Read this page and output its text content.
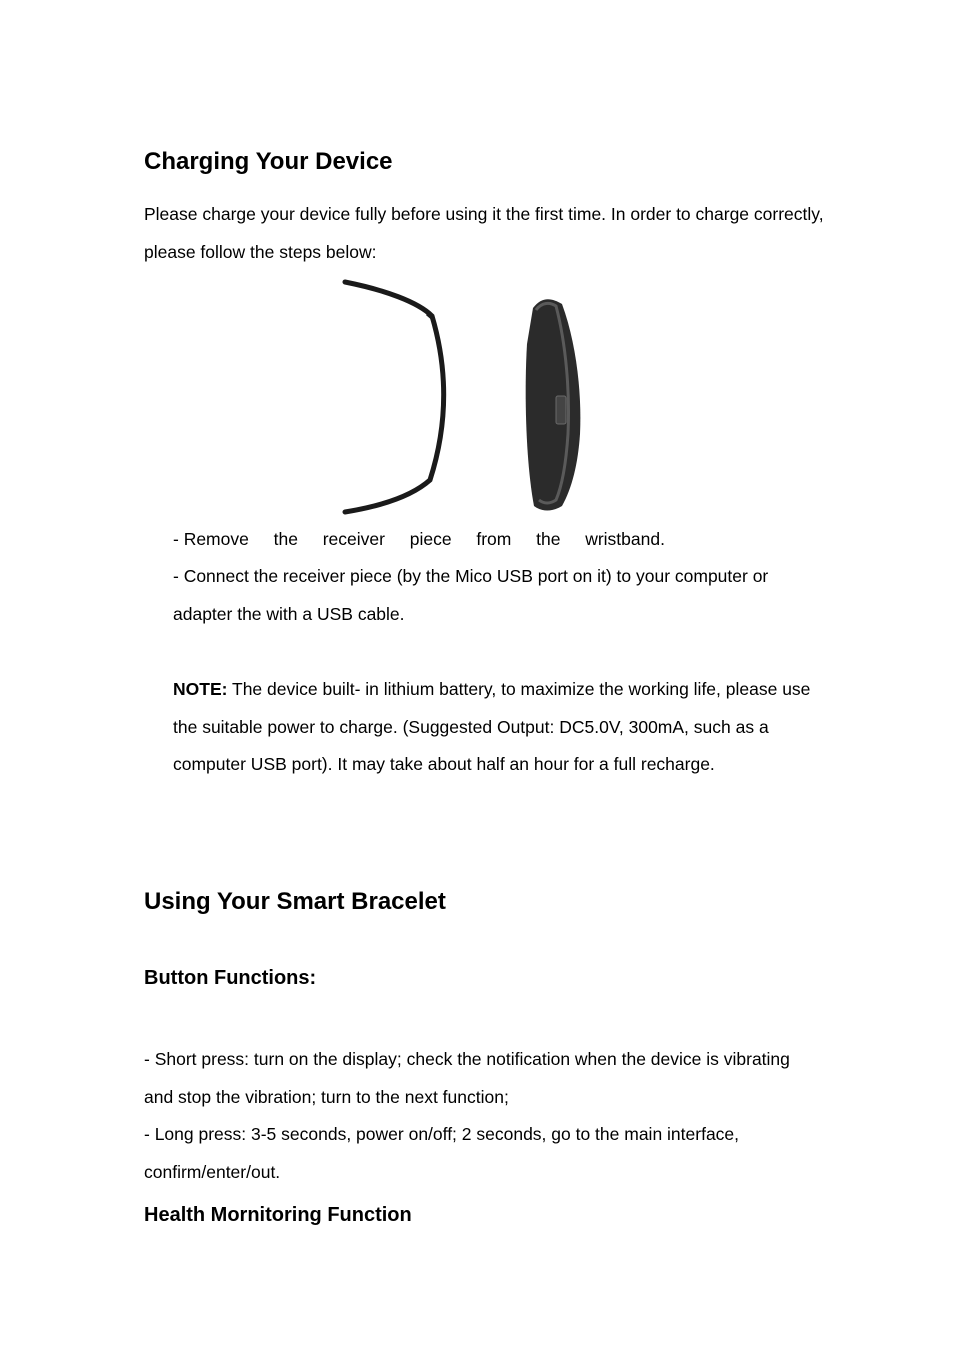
Charging Your Device

Please charge your device fully before using it the first time. In order to charge correctly, please follow the steps below:

- Remove the receiver piece from the wristband.

- Connect the receiver piece (by the Mico USB port on it) to your computer or adapter the with a USB cable.

NOTE: The device built- in lithium battery, to maximize the working life, please use the suitable power to charge. (Suggested Output: DC5.0V, 300mA, such as a computer USB port). It may take about half an hour for a full recharge.

Using Your Smart Bracelet
Button Functions:

- Short press: turn on the display; check the notification when the device is vibrating and stop the vibration; turn to the next function;

- Long press: 3-5 seconds, power on/off; 2 seconds, go to the main interface, confirm/enter/out.

Health Mornitoring Function
